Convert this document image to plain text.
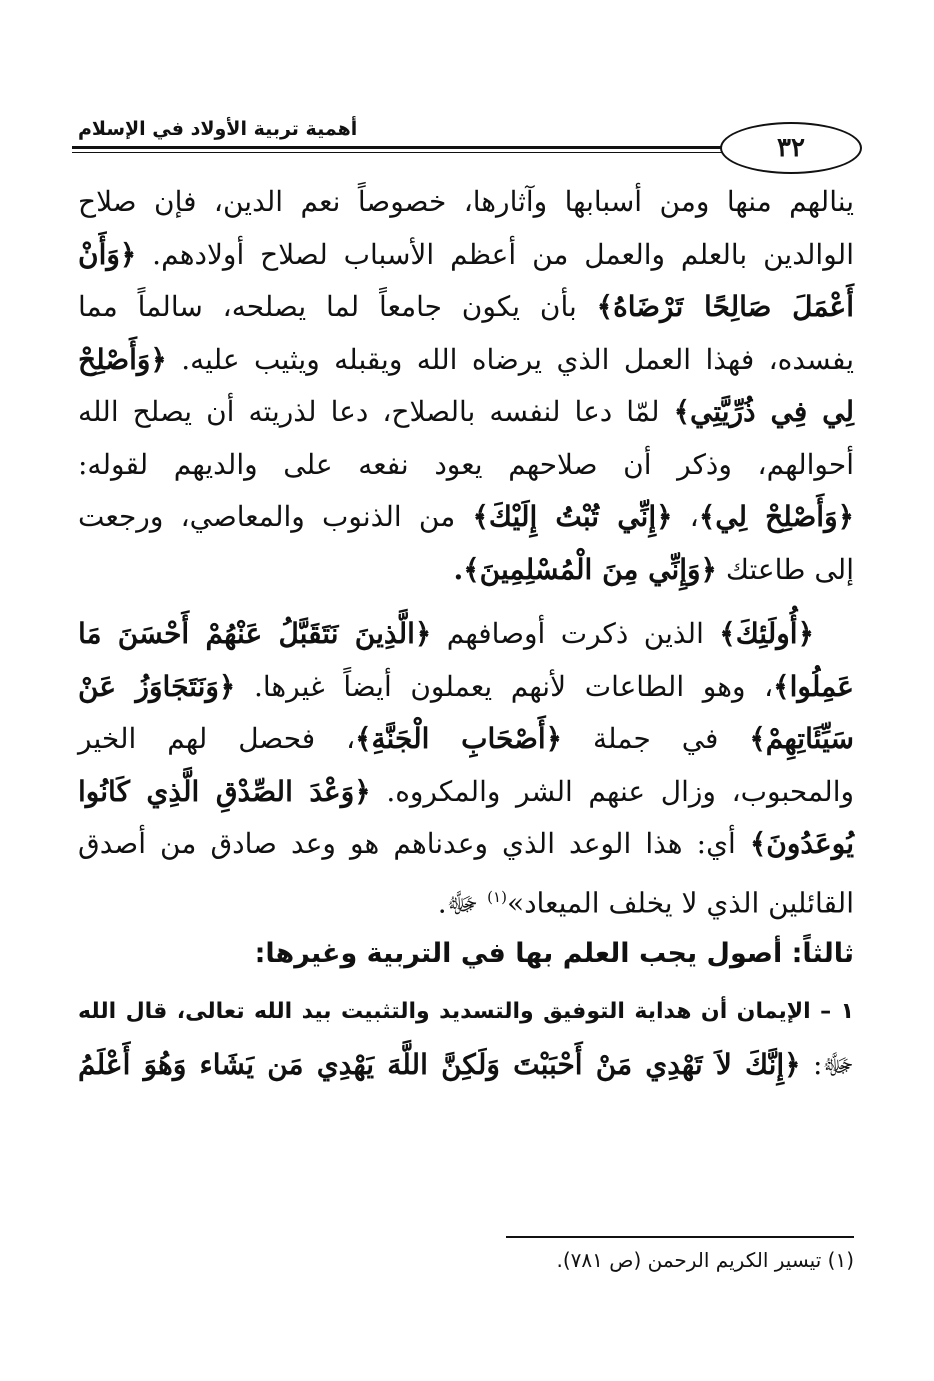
أهمية تربية الأولاد في الإسلام
٣٢
ينالهم منها ومن أسبابها وآثارها، خصوصاً نعم الدين، فإن صلاح
الوالدين بالعلم والعمل من أعظم الأسباب لصلاح أولادهم. ﴿وَأَنْ
أَعْمَلَ صَالِحًا تَرْضَاهُ﴾ بأن يكون جامعاً لما يصلحه، سالماً مما
يفسده، فهذا العمل الذي يرضاه الله ويقبله ويثيب عليه. ﴿وَأَصْلِحْ
لِي فِي ذُرِّيَّتِي﴾ لمّا دعا لنفسه بالصلاح، دعا لذريته أن يصلح الله
أحوالهم، وذكر أن صلاحهم يعود نفعه على والديهم لقوله:
﴿وَأَصْلِحْ لِي﴾، ﴿إِنِّي تُبْتُ إِلَيْكَ﴾ من الذنوب والمعاصي، ورجعت
إلى طاعتك ﴿وَإِنِّي مِنَ الْمُسْلِمِينَ﴾.
﴿أُولَئِكَ﴾ الذين ذكرت أوصافهم ﴿الَّذِينَ نَتَقَبَّلُ عَنْهُمْ أَحْسَنَ مَا
عَمِلُوا﴾، وهو الطاعات لأنهم يعملون أيضاً غيرها. ﴿وَنَتَجَاوَزُ عَنْ
سَيِّئَاتِهِمْ﴾ في جملة ﴿أَصْحَابِ الْجَنَّةِ﴾، فحصل لهم الخير
والمحبوب، وزال عنهم الشر والمكروه. ﴿وَعْدَ الصِّدْقِ الَّذِي كَانُوا
يُوعَدُونَ﴾ أي: هذا الوعد الذي وعدناهم هو وعد صادق من أصدق
القائلين الذي لا يخلف الميعاد»$^{(١)}$ ﷻ.
ثالثاً: أصول يجب العلم بها في التربية وغيرها:
١ – الإيمان أن هداية التوفيق والتسديد والتثبيت بيد الله تعالى، قال الله
ﷻ: ﴿إِنَّكَ لاَ تَهْدِي مَنْ أَحْبَبْتَ وَلَكِنَّ اللَّهَ يَهْدِي مَن يَشَاء وَهُوَ أَعْلَمُ
(١) تيسير الكريم الرحمن (ص ٧٨١).
